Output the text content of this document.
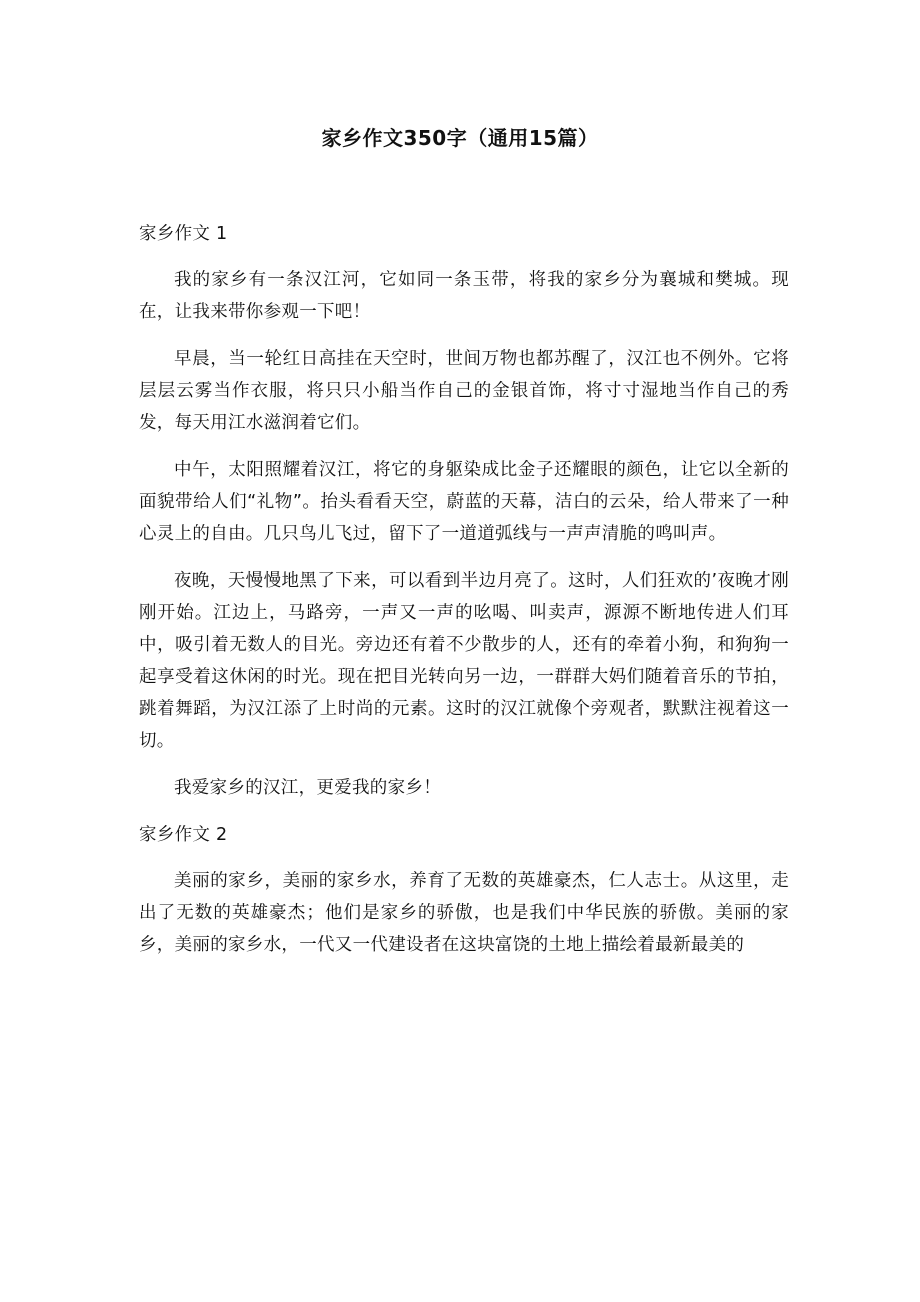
家乡作文350字（通用15篇）

家乡作文 1

我的家乡有一条汉江河，它如同一条玉带，将我的家乡分为襄城和樊城。现在，让我来带你参观一下吧！

早晨，当一轮红日高挂在天空时，世间万物也都苏醒了，汉江也不例外。它将层层云雾当作衣服，将只只小船当作自己的金银首饰，将寸寸湿地当作自己的秀发，每天用江水滋润着它们。

中午，太阳照耀着汉江，将它的身躯染成比金子还耀眼的颜色，让它以全新的面貌带给人们“礼物”。抬头看看天空，蔚蓝的天幕，洁白的云朵，给人带来了一种心灵上的自由。几只鸟儿飞过，留下了一道道弧线与一声声清脆的鸣叫声。

夜晚，天慢慢地黑了下来，可以看到半边月亮了。这时，人们狂欢的’夜晚才刚刚开始。江边上，马路旁，一声又一声的吆喝、叫卖声，源源不断地传进人们耳中，吸引着无数人的目光。旁边还有着不少散步的人，还有的牵着小狗，和狗狗一起享受着这休闲的时光。现在把目光转向另一边，一群群大妈们随着音乐的节拍，跳着舞蹈，为汉江添了上时尚的元素。这时的汉江就像个旁观者，默默注视着这一切。

我爱家乡的汉江，更爱我的家乡！

家乡作文 2

美丽的家乡，美丽的家乡水，养育了无数的英雄豪杰，仁人志士。从这里，走出了无数的英雄豪杰；他们是家乡的骄傲，也是我们中华民族的骄傲。美丽的家乡，美丽的家乡水，一代又一代建设者在这块富饶的土地上描绘着最新最美的
